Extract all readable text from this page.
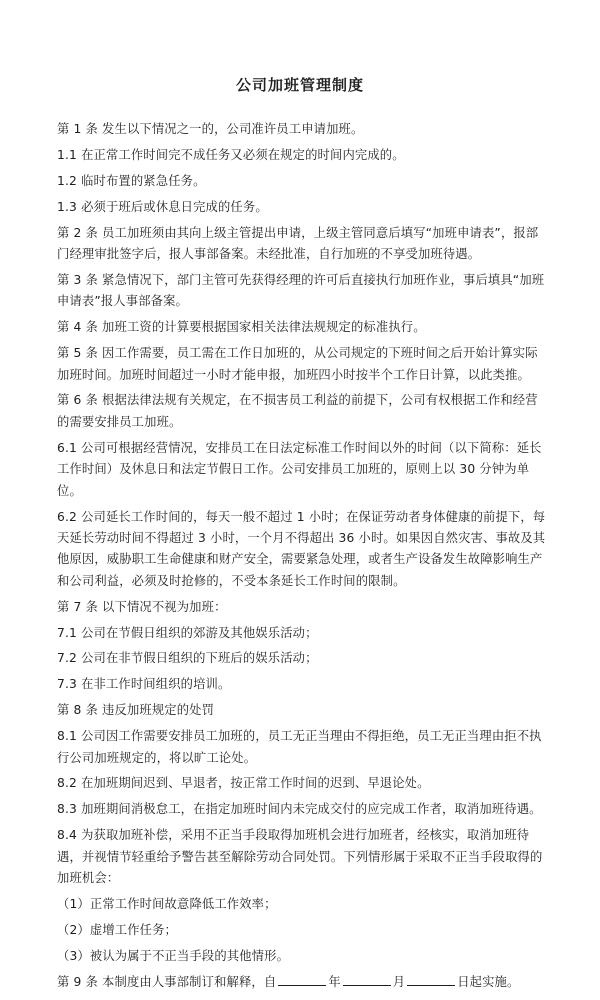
公司加班管理制度

第 1 条 发生以下情况之一的，公司准许员工申请加班。

1.1 在正常工作时间完不成任务又必须在规定的时间内完成的。

1.2 临时布置的紧急任务。

1.3 必须于班后或休息日完成的任务。

第 2 条 员工加班须由其向上级主管提出申请，上级主管同意后填写“加班申请表”，报部门经理审批签字后，报人事部备案。未经批准，自行加班的不享受加班待遇。

第 3 条 紧急情况下，部门主管可先获得经理的许可后直接执行加班作业，事后填具“加班申请表”报人事部备案。

第 4 条 加班工资的计算要根据国家相关法律法规规定的标准执行。

第 5 条 因工作需要，员工需在工作日加班的，从公司规定的下班时间之后开始计算实际加班时间。加班时间超过一小时才能申报，加班四小时按半个工作日计算，以此类推。

第 6 条 根据法律法规有关规定，在不损害员工利益的前提下，公司有权根据工作和经营的需要安排员工加班。

6.1 公司可根据经营情况，安排员工在日法定标准工作时间以外的时间（以下简称：延长工作时间）及休息日和法定节假日工作。公司安排员工加班的，原则上以 30 分钟为单位。

6.2 公司延长工作时间的，每天一般不超过 1 小时；在保证劳动者身体健康的前提下，每天延长劳动时间不得超过 3 小时，一个月不得超出 36 小时。如果因自然灾害、事故及其他原因，威胁职工生命健康和财产安全，需要紧急处理，或者生产设备发生故障影响生产和公司利益，必须及时抢修的，不受本条延长工作时间的限制。

第 7 条 以下情况不视为加班：

7.1 公司在节假日组织的郊游及其他娱乐活动；

7.2 公司在非节假日组织的下班后的娱乐活动；

7.3 在非工作时间组织的培训。

第 8 条 违反加班规定的处罚

8.1 公司因工作需要安排员工加班的，员工无正当理由不得拒绝，员工无正当理由拒不执行公司加班规定的，将以旷工论处。

8.2 在加班期间迟到、早退者，按正常工作时间的迟到、早退论处。

8.3 加班期间消极怠工，在指定加班时间内未完成交付的应完成工作者，取消加班待遇。

8.4 为获取加班补偿，采用不正当手段取得加班机会进行加班者，经核实，取消加班待遇，并视情节轻重给予警告甚至解除劳动合同处罚。下列情形属于采取不正当手段取得的加班机会：

（1）正常工作时间故意降低工作效率；

（2）虚增工作任务；

（3）被认为属于不正当手段的其他情形。

第 9 条 本制度由人事部制订和解释，自	年	月	日起实施。
